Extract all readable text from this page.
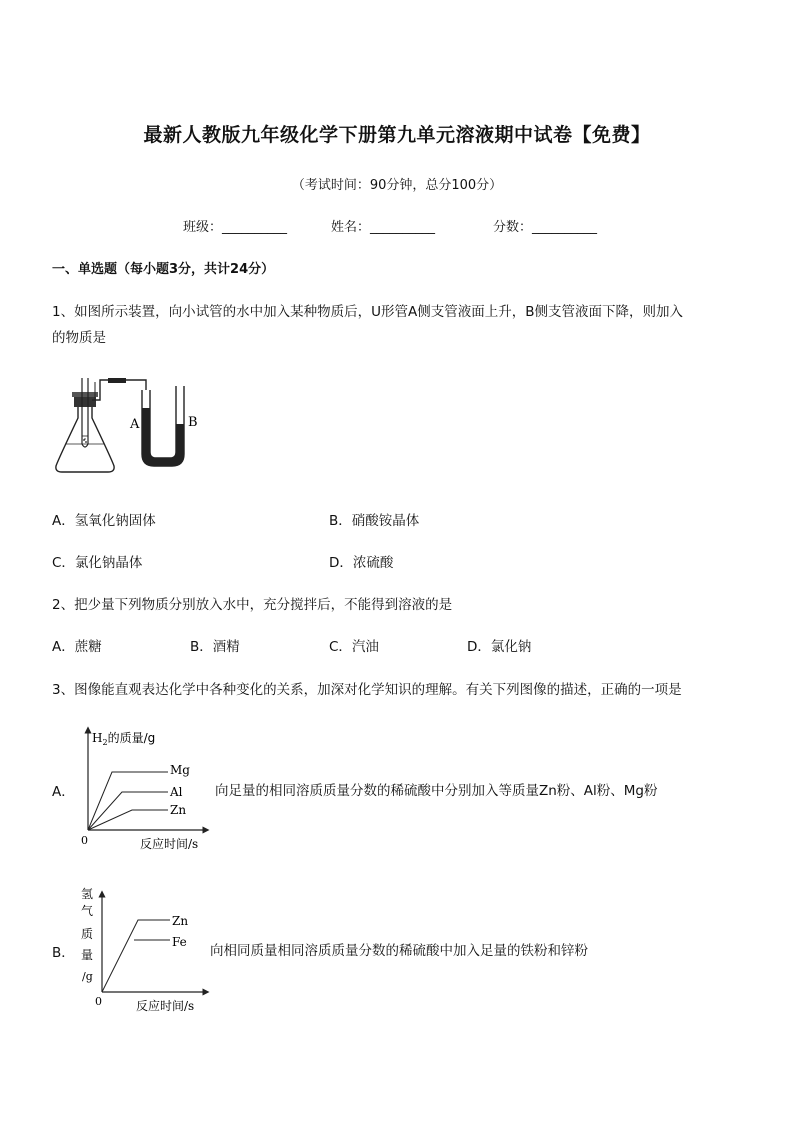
最新人教版九年级化学下册第九单元溶液期中试卷【免费】
（考试时间：90分钟，总分100分）
班级：__________	姓名：__________	分数：__________
一、单选题（每小题3分，共计24分）
1、如图所示装置，向小试管的水中加入某种物质后，U形管A侧支管液面上升，B侧支管液面下降，则加入
的物质是
A	B
A．氢氧化钠固体	B．硝酸铵晶体
C．氯化钠晶体	D．浓硫酸
2、把少量下列物质分别放入水中，充分搅拌后，不能得到溶液的是
A．蔗糖	B．酒精	C．汽油	D．氯化钠
3、图像能直观表达化学中各种变化的关系，加深对化学知识的理解。有关下列图像的描述，正确的一项是
A．
$H_2$的质量/g
Mg
Al
Zn
0	反应时间/s
向足量的相同溶质质量分数的稀硫酸中分别加入等质量Zn粉、Al粉、Mg粉
B．
氢
气
质
量
/g
Zn
Fe
0	反应时间/s
向相同质量相同溶质质量分数的稀硫酸中加入足量的铁粉和锌粉
